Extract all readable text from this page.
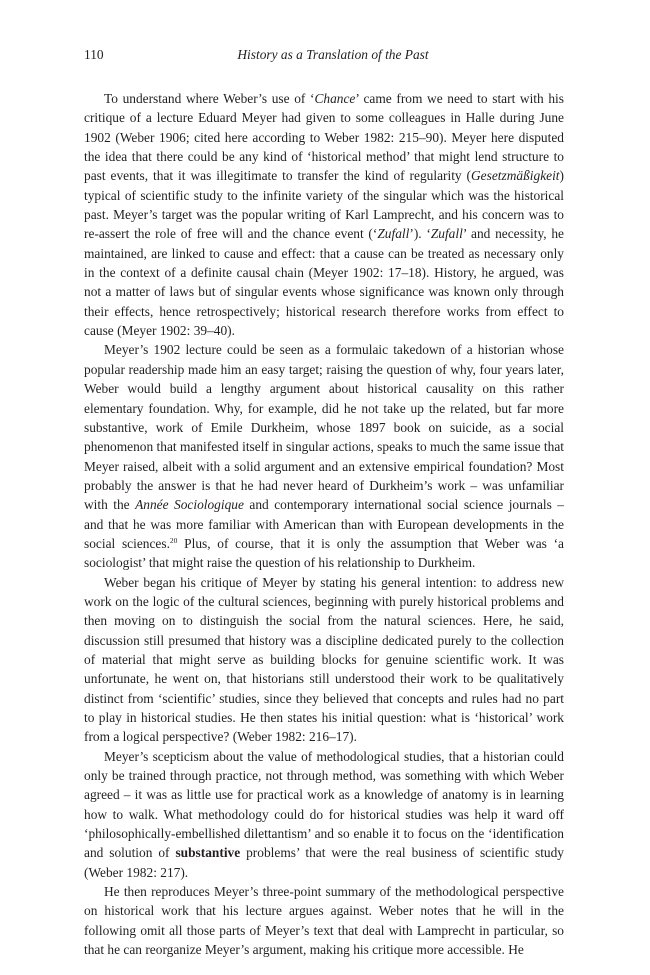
110	History as a Translation of the Past

To understand where Weber’s use of ‘Chance’ came from we need to start with his critique of a lecture Eduard Meyer had given to some colleagues in Halle during June 1902 (Weber 1906; cited here according to Weber 1982: 215–90). Meyer here disputed the idea that there could be any kind of ‘historical method’ that might lend structure to past events, that it was illegitimate to transfer the kind of regularity (Gesetzmäßigkeit) typical of scientific study to the infinite variety of the singular which was the historical past. Meyer’s target was the popular writing of Karl Lamprecht, and his concern was to re-assert the role of free will and the chance event (‘Zufall’). ‘Zufall’ and necessity, he maintained, are linked to cause and effect: that a cause can be treated as necessary only in the context of a definite causal chain (Meyer 1902: 17–18). History, he argued, was not a matter of laws but of singular events whose significance was known only through their effects, hence retrospectively; historical research therefore works from effect to cause (Meyer 1902: 39–40).

Meyer’s 1902 lecture could be seen as a formulaic takedown of a historian whose popular readership made him an easy target; raising the question of why, four years later, Weber would build a lengthy argument about historical causality on this rather elementary foundation. Why, for example, did he not take up the related, but far more substantive, work of Emile Durkheim, whose 1897 book on suicide, as a social phenomenon that manifested itself in singular actions, speaks to much the same issue that Meyer raised, albeit with a solid argument and an extensive empirical foundation? Most probably the answer is that he had never heard of Durkheim’s work – was unfamiliar with the Année Sociologique and contemporary international social science journals – and that he was more familiar with American than with European developments in the social sciences.$^{20}$ Plus, of course, that it is only the assumption that Weber was ‘a sociologist’ that might raise the question of his relationship to Durkheim.

Weber began his critique of Meyer by stating his general intention: to address new work on the logic of the cultural sciences, beginning with purely historical problems and then moving on to distinguish the social from the natural sciences. Here, he said, discussion still presumed that history was a discipline dedicated purely to the collection of material that might serve as building blocks for genuine scientific work. It was unfortunate, he went on, that historians still understood their work to be qualitatively distinct from ‘scientific’ studies, since they believed that concepts and rules had no part to play in historical studies. He then states his initial question: what is ‘historical’ work from a logical perspective? (Weber 1982: 216–17).

Meyer’s scepticism about the value of methodological studies, that a historian could only be trained through practice, not through method, was something with which Weber agreed – it was as little use for practical work as a knowledge of anatomy is in learning how to walk. What methodology could do for historical studies was help it ward off ‘philosophically-embellished dilettantism’ and so enable it to focus on the ‘identification and solution of substantive problems’ that were the real business of scientific study (Weber 1982: 217).

He then reproduces Meyer’s three-point summary of the methodological perspective on historical work that his lecture argues against. Weber notes that he will in the following omit all those parts of Meyer’s text that deal with Lamprecht in particular, so that he can reorganize Meyer’s argument, making his critique more accessible. He
